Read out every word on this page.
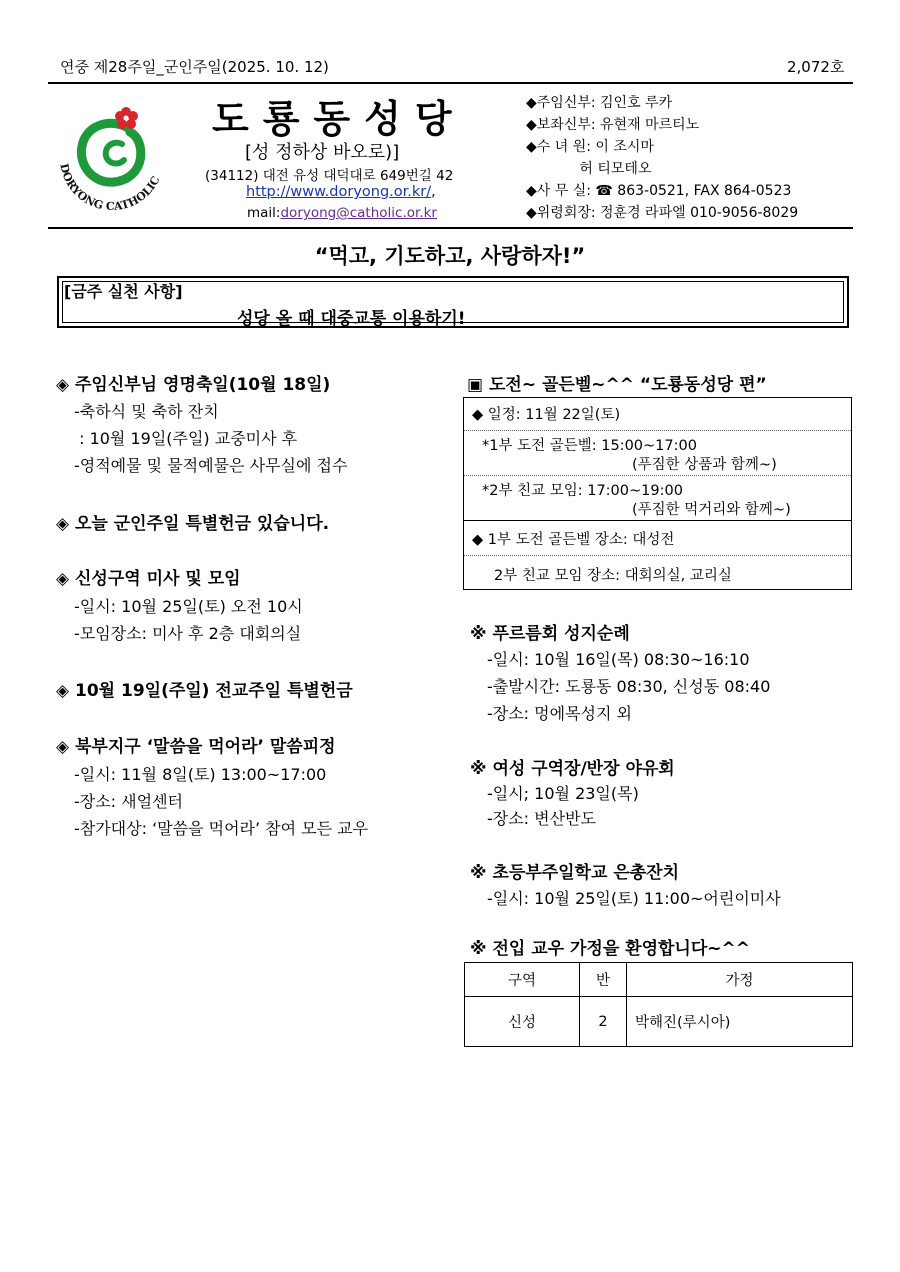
연중 제28주일_군인주일(2025. 10. 12)	2,072호
DORYONG CATHOLIC
도룡동성당
[성 정하상 바오로)]
(34112) 대전 유성 대덕대로 649번길 42
http://www.doryong.or.kr/,
mail:doryong@catholic.or.kr
◆주임신부: 김인호 루카
◆보좌신부: 유현재 마르티노
◆수 녀 원: 이 조시마
허 티모테오
◆사 무 실: ☎ 863-0521, FAX 864-0523
◆위령회장: 정훈경 라파엘 010-9056-8029
“먹고, 기도하고, 사랑하자!”
[금주 실천 사항]
성당 올 때 대중교통 이용하기!
◈ 주임신부님 영명축일(10월 18일)
-축하식 및 축하 잔치
: 10월 19일(주일) 교중미사 후
-영적예물 및 물적예물은 사무실에 접수
◈ 오늘 군인주일 특별헌금 있습니다.
◈ 신성구역 미사 및 모임
-일시: 10월 25일(토) 오전 10시
-모임장소: 미사 후 2층 대회의실
◈ 10월 19일(주일) 전교주일 특별헌금
◈ 북부지구 ‘말씀을 먹어라’ 말씀피정
-일시: 11월 8일(토) 13:00~17:00
-장소: 새얼센터
-참가대상: ‘말씀을 먹어라’ 참여 모든 교우
▣ 도전~ 골든벨~^^ “도룡동성당 편”
◆ 일정: 11월 22일(토)
*1부 도전 골든벨: 15:00~17:00
(푸짐한 상품과 함께~)
*2부 친교 모임: 17:00~19:00
(푸짐한 먹거리와 함께~)
◆ 1부 도전 골든벨 장소: 대성전
2부 친교 모임 장소: 대회의실, 교리실
※ 푸르름회 성지순례
-일시: 10월 16일(목) 08:30~16:10
-출발시간: 도룡동 08:30, 신성동 08:40
-장소: 멍에목성지 외
※ 여성 구역장/반장 야유회
-일시; 10월 23일(목)
-장소: 변산반도
※ 초등부주일학교 은총잔치
-일시: 10월 25일(토) 11:00~어린이미사
※ 전입 교우 가정을 환영합니다~^^
구역	반	가정
신성	2	박해진(루시아)
